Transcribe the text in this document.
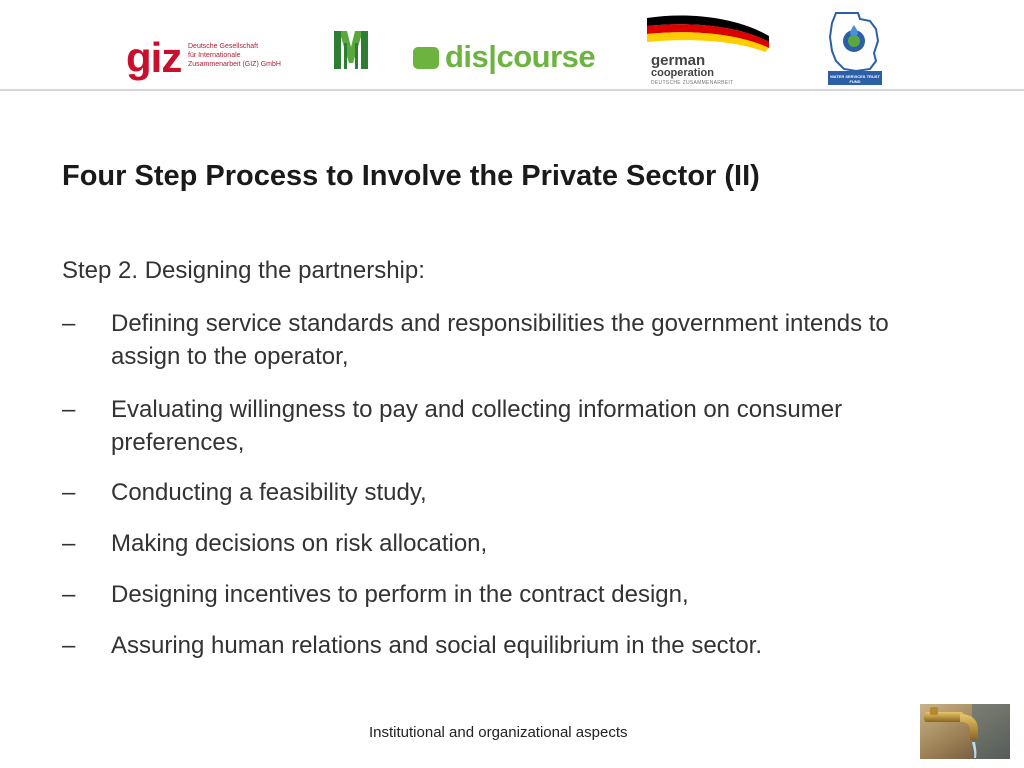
giz Deutsche Gesellschaft
für Internationale
Zusammenarbeit (GIZ) GmbH	dis|course	german
cooperation
DEUTSCHE ZUSAMMENARBEIT
WATER SERVICES TRUST FUND
Four Step Process to Involve the Private Sector (II)
Step 2. Designing the partnership:
–	Defining service standards and responsibilities the government intends to assign to the operator,
–	Evaluating willingness to pay and collecting information on consumer preferences,
–	Conducting a feasibility study,
–	Making decisions on risk allocation,
–	Designing incentives to perform in the contract design,
–	Assuring human relations and social equilibrium in the sector.
Institutional and organizational aspects
